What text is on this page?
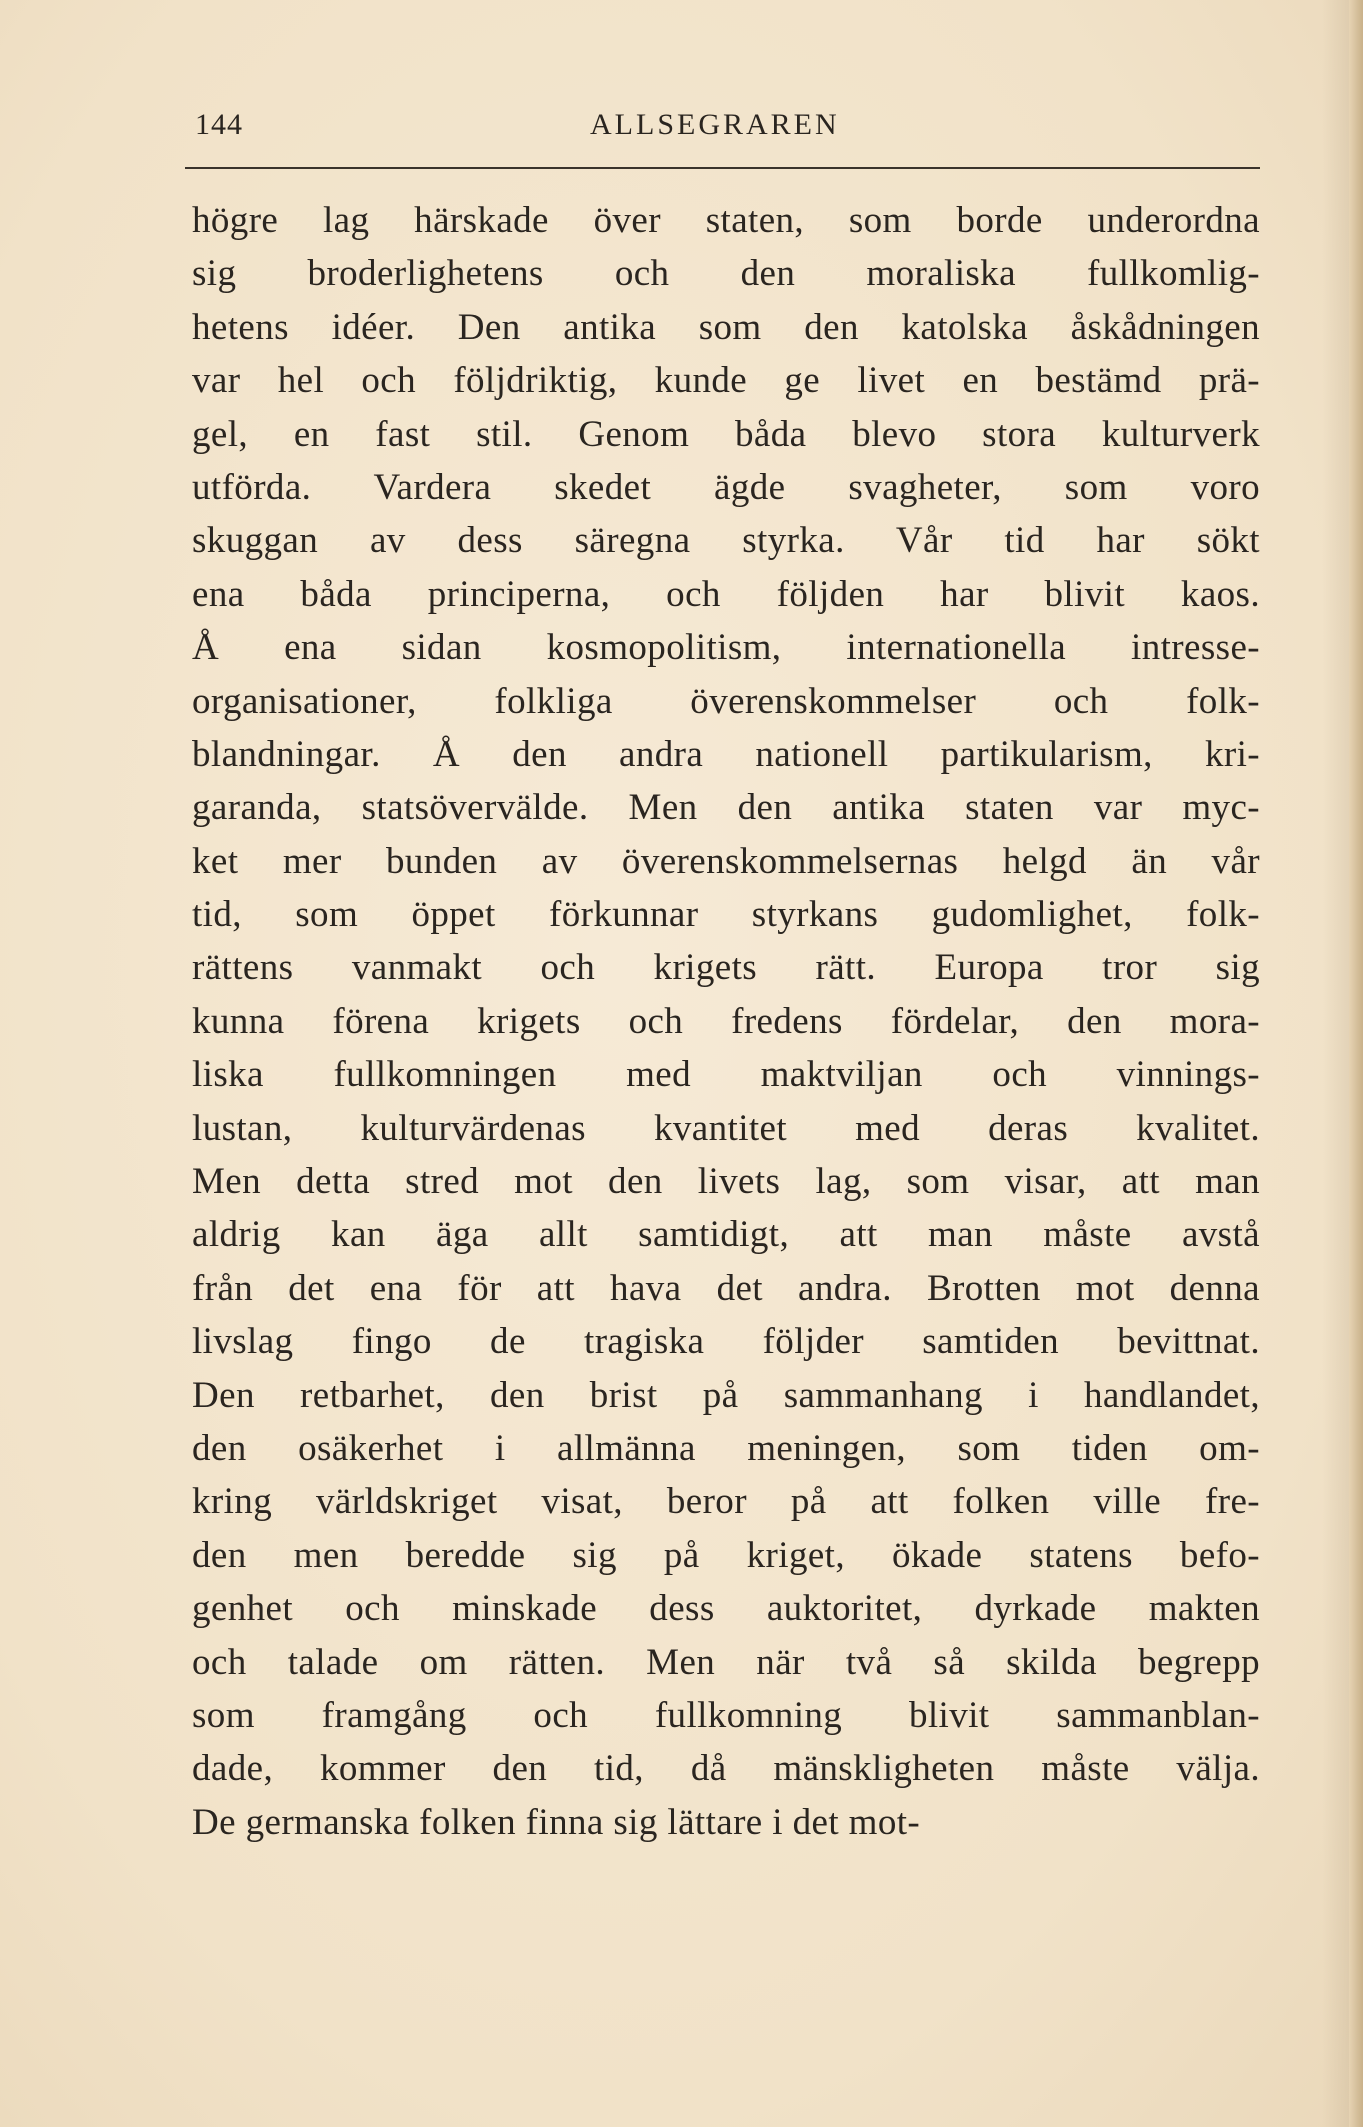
144	ALLSEGRAREN
högre lag härskade över staten, som borde underordna
sig broderlighetens och den moraliska fullkomlig-
hetens idéer. Den antika som den katolska åskådningen
var hel och följdriktig, kunde ge livet en bestämd prä-
gel, en fast stil. Genom båda blevo stora kulturverk
utförda. Vardera skedet ägde svagheter, som voro
skuggan av dess säregna styrka. Vår tid har sökt
ena båda principerna, och följden har blivit kaos.
Å ena sidan kosmopolitism, internationella intresse-
organisationer, folkliga överenskommelser och folk-
blandningar. Å den andra nationell partikularism, kri-
garanda, statsövervälde. Men den antika staten var myc-
ket mer bunden av överenskommelsernas helgd än vår
tid, som öppet förkunnar styrkans gudomlighet, folk-
rättens vanmakt och krigets rätt. Europa tror sig
kunna förena krigets och fredens fördelar, den mora-
liska fullkomningen med maktviljan och vinnings-
lustan, kulturvärdenas kvantitet med deras kvalitet.
Men detta stred mot den livets lag, som visar, att man
aldrig kan äga allt samtidigt, att man måste avstå
från det ena för att hava det andra. Brotten mot denna
livslag fingo de tragiska följder samtiden bevittnat.
Den retbarhet, den brist på sammanhang i handlandet,
den osäkerhet i allmänna meningen, som tiden om-
kring världskriget visat, beror på att folken ville fre-
den men beredde sig på kriget, ökade statens befo-
genhet och minskade dess auktoritet, dyrkade makten
och talade om rätten. Men när två så skilda begrepp
som framgång och fullkomning blivit sammanblan-
dade, kommer den tid, då mänskligheten måste välja.
De germanska folken finna sig lättare i det mot-
